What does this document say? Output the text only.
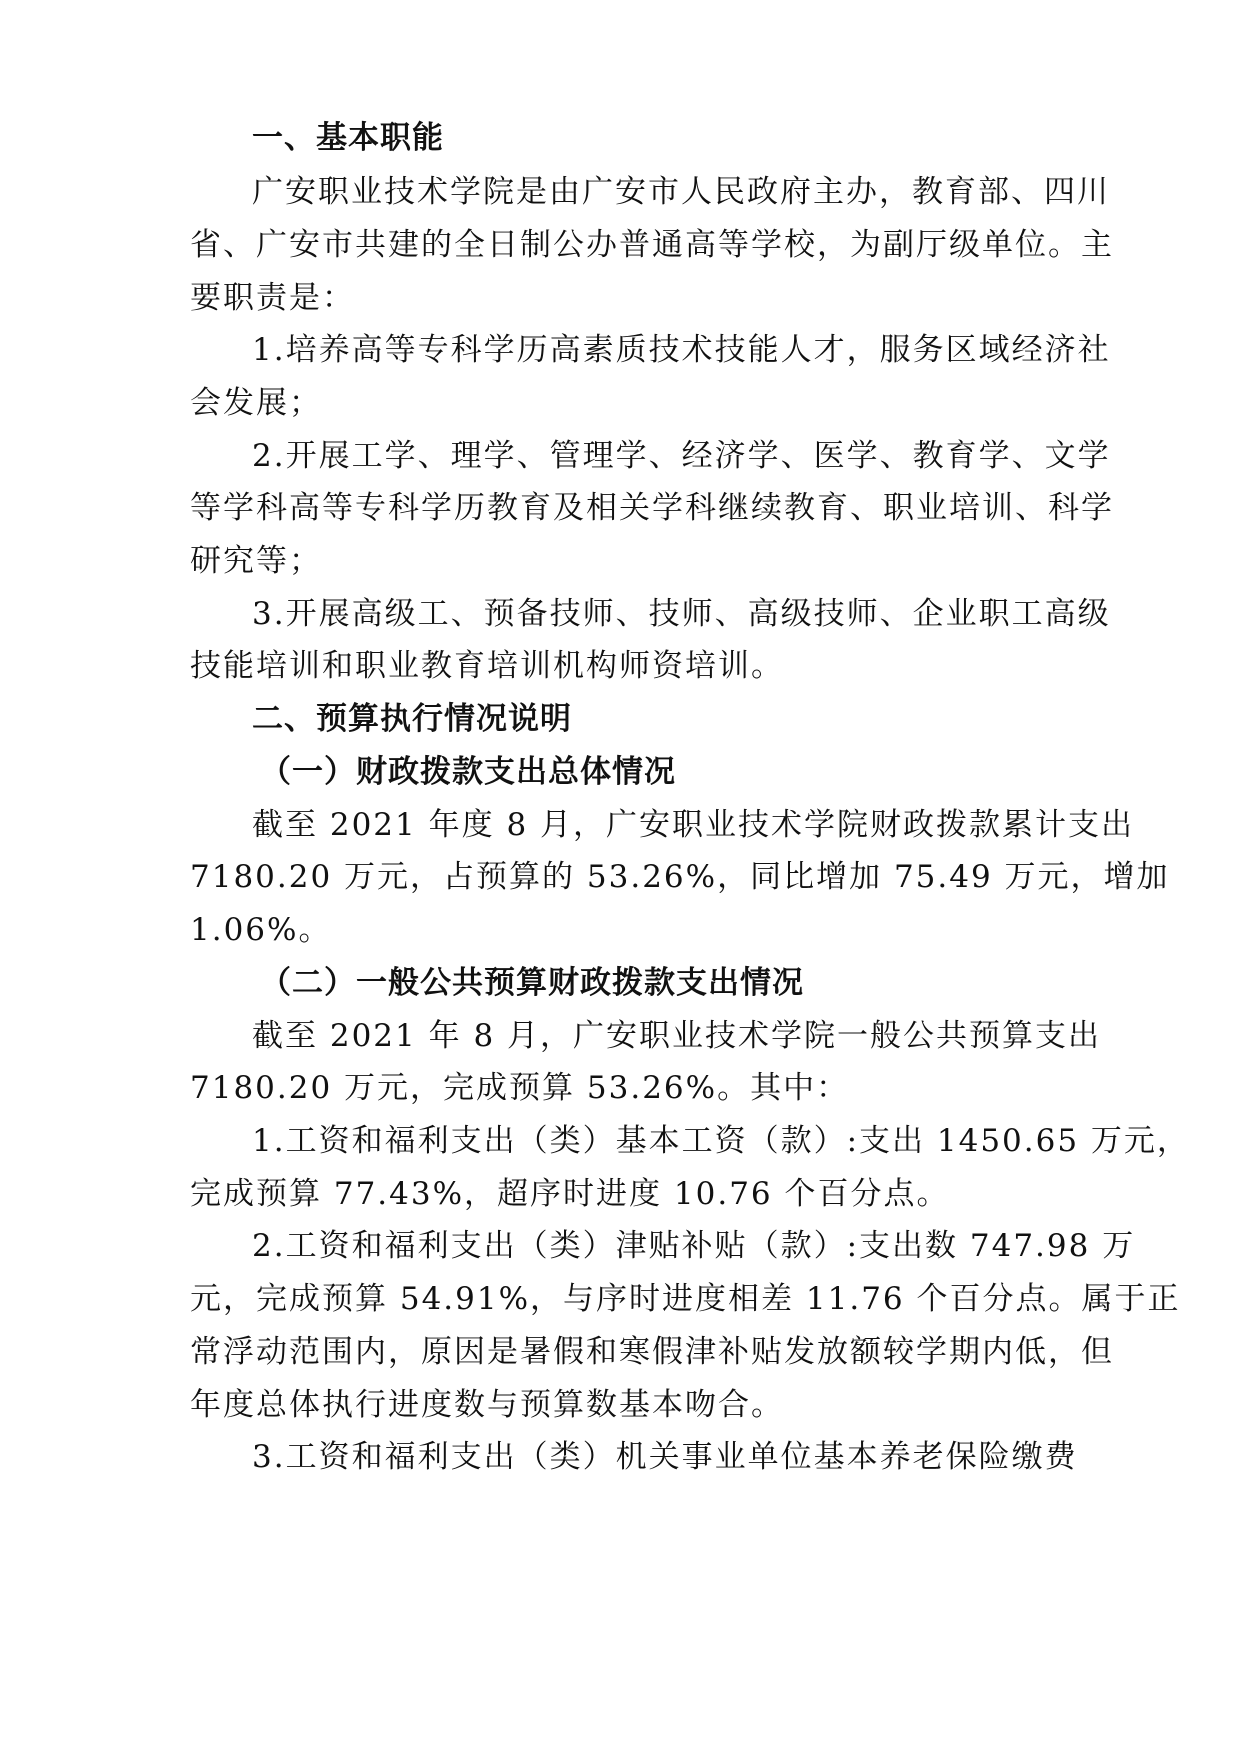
一、基本职能
广安职业技术学院是由广安市人民政府主办，教育部、四川
省、广安市共建的全日制公办普通高等学校，为副厅级单位。主
要职责是：
1.培养高等专科学历高素质技术技能人才，服务区域经济社
会发展；
2.开展工学、理学、管理学、经济学、医学、教育学、文学
等学科高等专科学历教育及相关学科继续教育、职业培训、科学
研究等；
3.开展高级工、预备技师、技师、高级技师、企业职工高级
技能培训和职业教育培训机构师资培训。
二、预算执行情况说明
（一）财政拨款支出总体情况
截至 2021 年度 8 月，广安职业技术学院财政拨款累计支出
7180.20 万元，占预算的 53.26%，同比增加 75.49 万元，增加
1.06%。
（二）一般公共预算财政拨款支出情况
截至 2021 年 8 月，广安职业技术学院一般公共预算支出
7180.20 万元，完成预算 53.26%。其中：
1.工资和福利支出（类）基本工资（款）:支出 1450.65 万元，
完成预算 77.43%，超序时进度 10.76 个百分点。
2.工资和福利支出（类）津贴补贴（款）:支出数 747.98 万
元，完成预算 54.91%，与序时进度相差 11.76 个百分点。属于正
常浮动范围内，原因是暑假和寒假津补贴发放额较学期内低，但
年度总体执行进度数与预算数基本吻合。
3.工资和福利支出（类）机关事业单位基本养老保险缴费
